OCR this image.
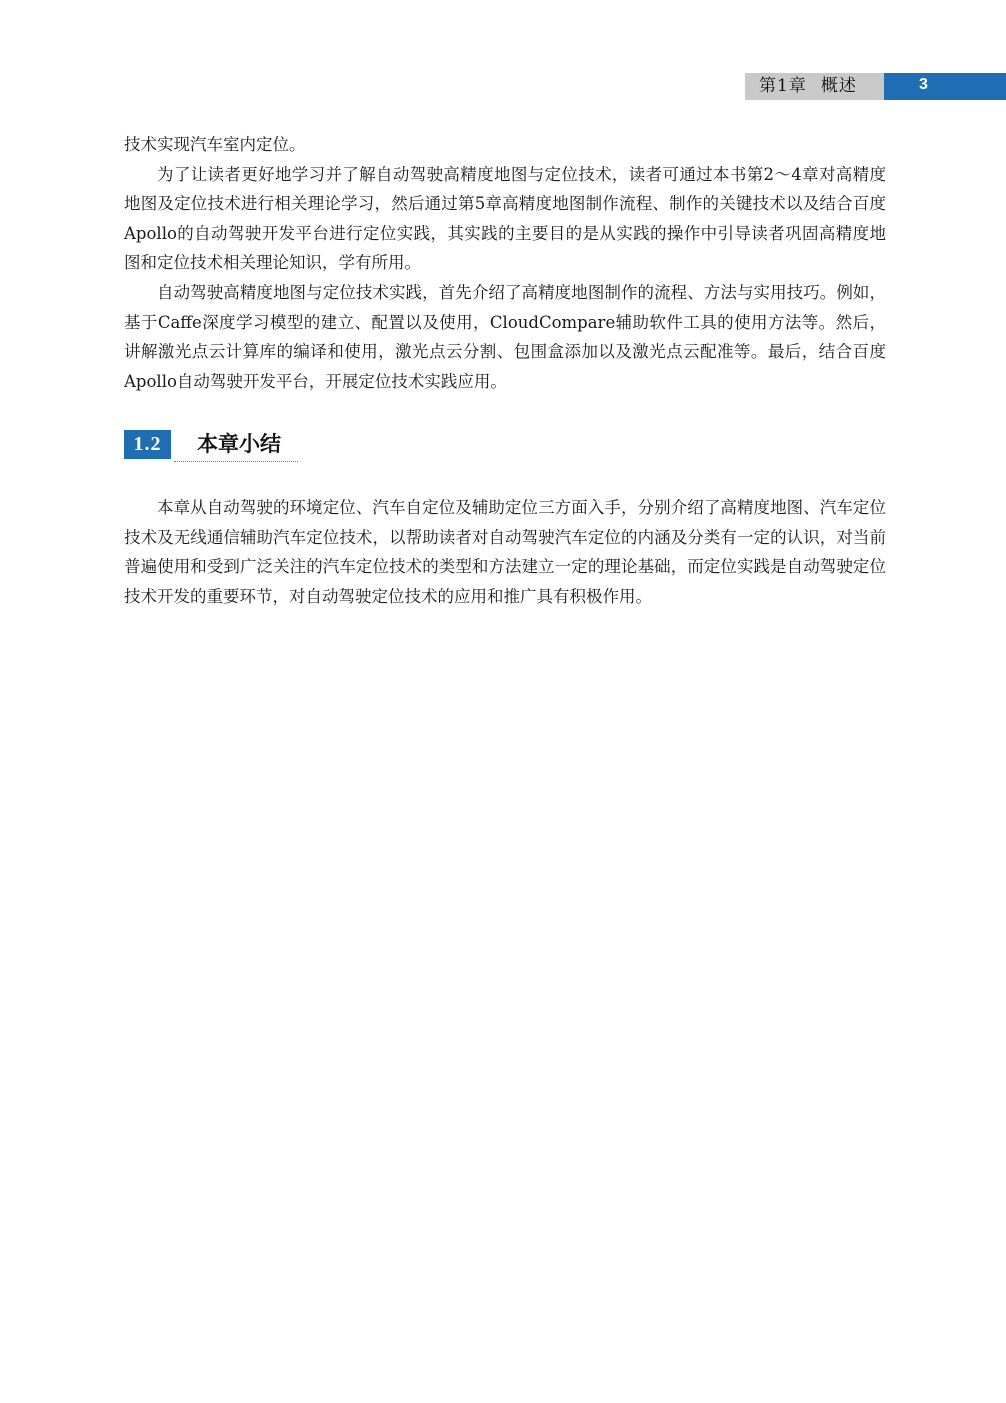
第1章 概述	3

技术实现汽车室内定位。

为了让读者更好地学习并了解自动驾驶高精度地图与定位技术，读者可通过本书第2～4章对高精度地图及定位技术进行相关理论学习，然后通过第5章高精度地图制作流程、制作的关键技术以及结合百度Apollo的自动驾驶开发平台进行定位实践，其实践的主要目的是从实践的操作中引导读者巩固高精度地图和定位技术相关理论知识，学有所用。

自动驾驶高精度地图与定位技术实践，首先介绍了高精度地图制作的流程、方法与实用技巧。例如，基于Caffe深度学习模型的建立、配置以及使用，CloudCompare辅助软件工具的使用方法等。然后，讲解激光点云计算库的编译和使用，激光点云分割、包围盒添加以及激光点云配准等。最后，结合百度Apollo自动驾驶开发平台，开展定位技术实践应用。

1.2	本章小结

本章从自动驾驶的环境定位、汽车自定位及辅助定位三方面入手，分别介绍了高精度地图、汽车定位技术及无线通信辅助汽车定位技术，以帮助读者对自动驾驶汽车定位的内涵及分类有一定的认识，对当前普遍使用和受到广泛关注的汽车定位技术的类型和方法建立一定的理论基础，而定位实践是自动驾驶定位技术开发的重要环节，对自动驾驶定位技术的应用和推广具有积极作用。
